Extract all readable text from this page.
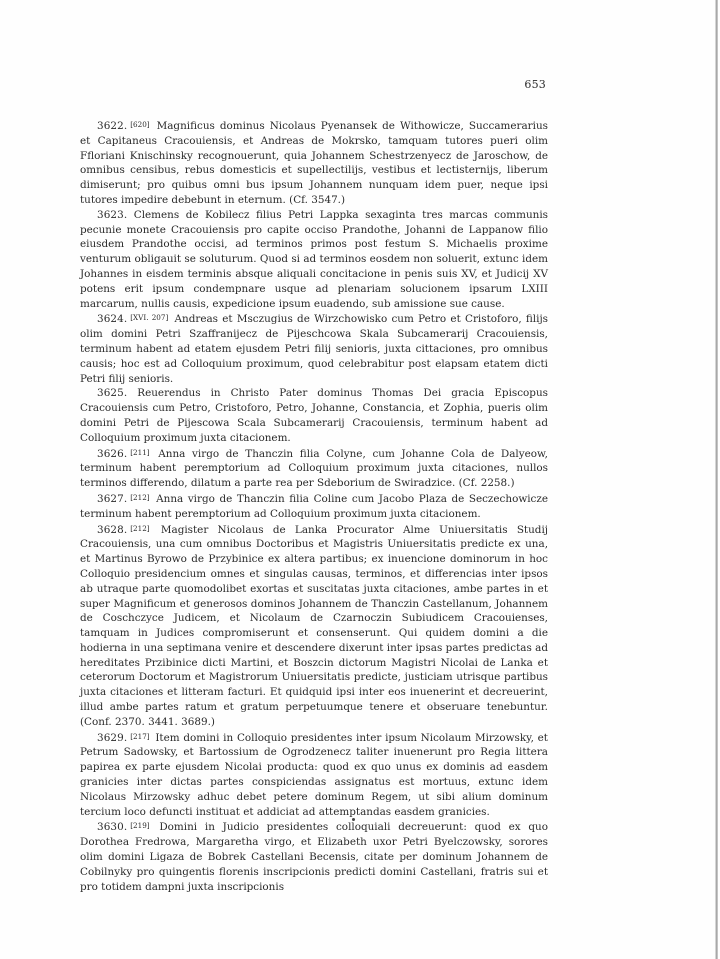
653

3622. [620] Magnificus dominus Nicolaus Pyenansek de Withowicze, Succamerarius et Capitaneus Cracouiensis, et Andreas de Mokrsko, tamquam tutores pueri olim Ffloriani Knischinsky recognouerunt, quia Johannem Schestrzenyecz de Jaroschow, de omnibus censibus, rebus domesticis et supellectilijs, vestibus et lectisternijs, liberum dimiserunt; pro quibus omni bus ipsum Johannem nunquam idem puer, neque ipsi tutores impedire debebunt in eternum. (Cf. 3547.)

3623. Clemens de Kobilecz filius Petri Lappka sexaginta tres marcas communis pecunie monete Cracouiensis pro capite occiso Prandothe, Johanni de Lappanow filio eiusdem Prandothe occisi, ad terminos primos post festum S. Michaelis proxime venturum obligauit se soluturum. Quod si ad terminos eosdem non soluerit, extunc idem Johannes in eisdem terminis absque aliquali concitacione in penis suis XV, et Judicij XV potens erit ipsum condempnare usque ad plenariam solucionem ipsarum LXIII marcarum, nullis causis, expedicione ipsum euadendo, sub amissione sue cause.

3624. [XVI. 207] Andreas et Msczugius de Wirzchowisko cum Petro et Cristoforo, filijs olim domini Petri Szaffranijecz de Pijeschcowa Skala Subcamerarij Cracouiensis, terminum habent ad etatem ejusdem Petri filij senioris, juxta cittaciones, pro omnibus causis; hoc est ad Colloquium proximum, quod celebrabitur post elapsam etatem dicti Petri filij senioris.

3625. Reuerendus in Christo Pater dominus Thomas Dei gracia Episcopus Cracouiensis cum Petro, Cristoforo, Petro, Johanne, Constancia, et Zophia, pueris olim domini Petri de Pijescowa Scala Subcamerarij Cracouiensis, terminum habent ad Colloquium proximum juxta citacionem.

3626. [211] Anna virgo de Thanczin filia Colyne, cum Johanne Cola de Dalyeow, terminum habent peremptorium ad Colloquium proximum juxta citaciones, nullos terminos differendo, dilatum a parte rea per Sdeborium de Swiradzice. (Cf. 2258.)

3627. [212] Anna virgo de Thanczin filia Coline cum Jacobo Plaza de Seczechowicze terminum habent peremptorium ad Colloquium proximum juxta citacionem.

3628. [212] Magister Nicolaus de Lanka Procurator Alme Uniuersitatis Studij Cracouiensis, una cum omnibus Doctoribus et Magistris Uniuersitatis predicte ex una, et Martinus Byrowo de Przybinice ex altera partibus; ex inuencione dominorum in hoc Colloquio presidencium omnes et singulas causas, terminos, et differencias inter ipsos ab utraque parte quomodolibet exortas et suscitatas juxta citaciones, ambe partes in et super Magnificum et generosos dominos Johannem de Thanczin Castellanum, Johannem de Coschczyce Judicem, et Nicolaum de Czarnoczin Subiudicem Cracouienses, tamquam in Judices compromiserunt et consenserunt. Qui quidem domini a die hodierna in una septimana venire et descendere dixerunt inter ipsas partes predictas ad hereditates Przibinice dicti Martini, et Boszcin dictorum Magistri Nicolai de Lanka et ceterorum Doctorum et Magistrorum Uniuersitatis predicte, justiciam utrisque partibus juxta citaciones et litteram facturi. Et quidquid ipsi inter eos inuenerint et decreuerint, illud ambe partes ratum et gratum perpetuumque tenere et obseruare tenebuntur. (Conf. 2370. 3441. 3689.)

3629. [217] Item domini in Colloquio presidentes inter ipsum Nicolaum Mirzowsky, et Petrum Sadowsky, et Bartossium de Ogrodzenecz taliter inuenerunt pro Regia littera papirea ex parte ejusdem Nicolai producta: quod ex quo unus ex dominis ad easdem granicies inter dictas partes conspiciendas assignatus est mortuus, extunc idem Nicolaus Mirzowsky adhuc debet petere dominum Regem, ut sibi alium dominum tercium loco defuncti instituat et addiciat ad attemptandas easdem granicies.

3630. [219] Domini in Judicio presidentes colloquiali decreuerunt: quod ex quo Dorothea Fredrowa, Margaretha virgo, et Elizabeth uxor Petri Byelczowsky, sorores olim domini Ligaza de Bobrek Castellani Becensis, citate per dominum Johannem de Cobilnyky pro quingentis florenis inscripcionis predicti domini Castellani, fratris sui et pro totidem dampni juxta inscripcionis
